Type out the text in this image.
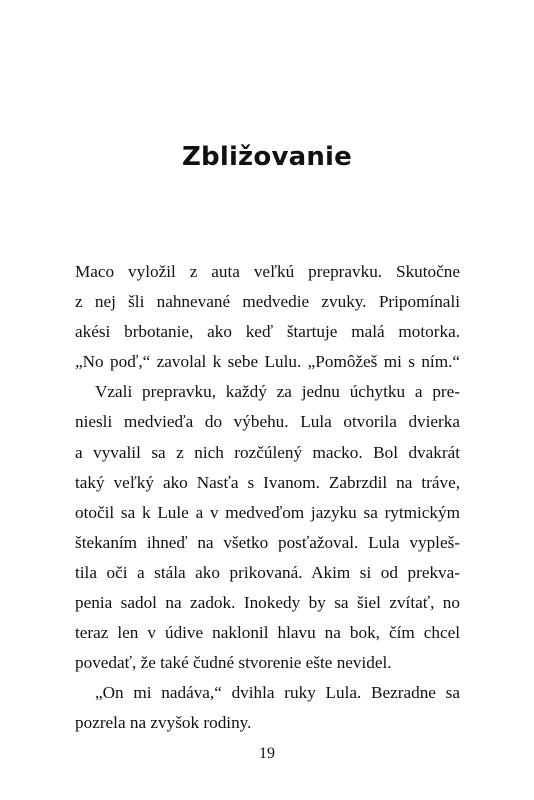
Zbližovanie
Maco vyložil z auta veľkú prepravku. Skutočne
z nej šli nahnevané medvedie zvuky. Pripomínali
akési brbotanie, ako keď štartuje malá motorka.
„No poď,“ zavolal k sebe Lulu. „Pomôžeš mi s ním.“
Vzali prepravku, každý za jednu úchytku a pre-
niesli medvieďa do výbehu. Lula otvorila dvierka
a vyvalil sa z nich rozčúlený macko. Bol dvakrát
taký veľký ako Nasťa s Ivanom. Zabrzdil na tráve,
otočil sa k Lule a v medveďom jazyku sa rytmickým
štekaním ihneď na všetko posťažoval. Lula vypleš-
tila oči a stála ako prikovaná. Akim si od prekva-
penia sadol na zadok. Inokedy by sa šiel zvítať, no
teraz len v údive naklonil hlavu na bok, čím chcel
povedať, že také čudné stvorenie ešte nevidel.
„On mi nadáva,“ dvihla ruky Lula. Bezradne sa
pozrela na zvyšok rodiny.
19
